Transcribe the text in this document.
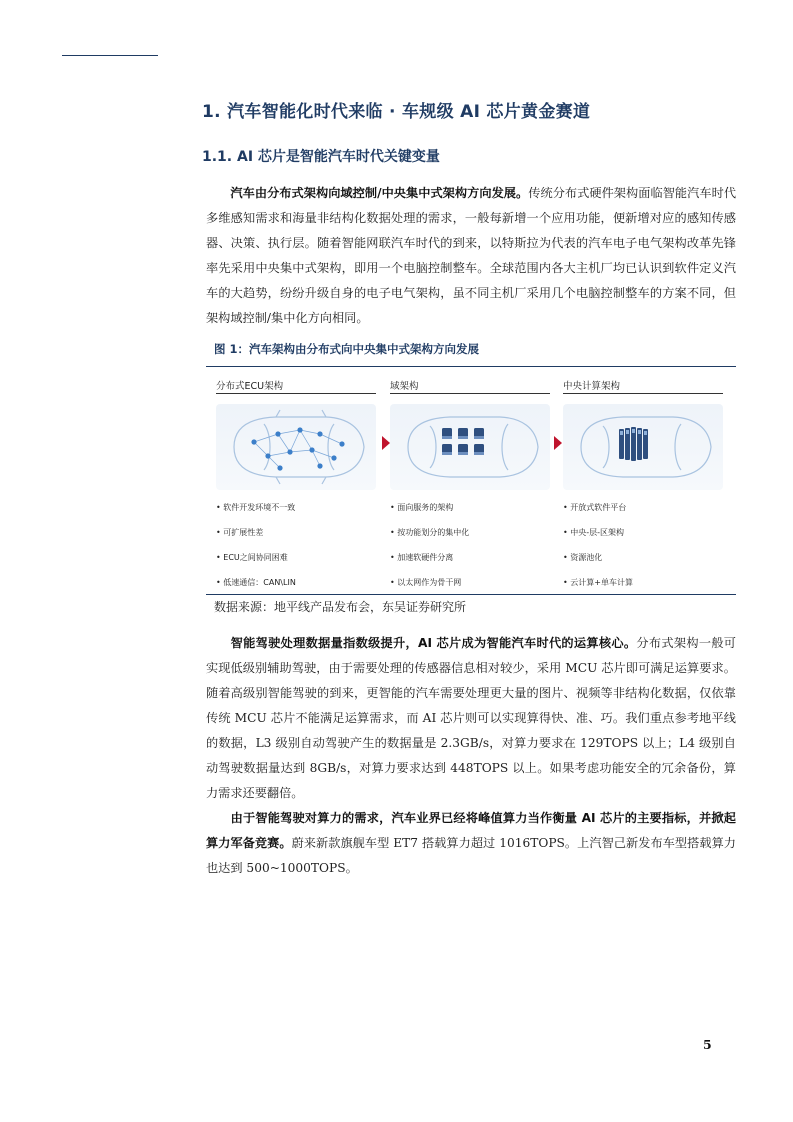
1. 汽车智能化时代来临 · 车规级 AI 芯片黄金赛道
1.1. AI 芯片是智能汽车时代关键变量
  汽车由分布式架构向域控制/中央集中式架构方向发展。传统分布式硬件架构面临智能汽车时代多维感知需求和海量非结构化数据处理的需求，一般每新增一个应用功能，便新增对应的感知传感器、决策、执行层。随着智能网联汽车时代的到来，以特斯拉为代表的汽车电子电气架构改革先锋率先采用中央集中式架构，即用一个电脑控制整车。全球范围内各大主机厂均已认识到软件定义汽车的大趋势，纷纷升级自身的电子电气架构，虽不同主机厂采用几个电脑控制整车的方案不同，但架构域控制/集中化方向相同。
图 1：汽车架构由分布式向中央集中式架构方向发展
分布式ECU架构
• 软件开发环境不一致
• 可扩展性差
• ECU之间协同困难
• 低速通信：CAN\LIN
域架构
• 面向服务的架构
• 按功能划分的集中化
• 加速软硬件分离
• 以太网作为骨干网
中央计算架构
• 开放式软件平台
• 中央-层-区架构
• 资源池化
• 云计算+单车计算
数据来源：地平线产品发布会，东吴证券研究所
  智能驾驶处理数据量指数级提升，AI 芯片成为智能汽车时代的运算核心。分布式架构一般可实现低级别辅助驾驶，由于需要处理的传感器信息相对较少，采用 MCU 芯片即可满足运算要求。随着高级别智能驾驶的到来，更智能的汽车需要处理更大量的图片、视频等非结构化数据，仅依靠传统 MCU 芯片不能满足运算需求，而 AI 芯片则可以实现算得快、准、巧。我们重点参考地平线的数据，L3 级别自动驾驶产生的数据量是 2.3GB/s，对算力要求在 129TOPS 以上；L4 级别自动驾驶数据量达到 8GB/s，对算力要求达到 448TOPS 以上。如果考虑功能安全的冗余备份，算力需求还要翻倍。
  由于智能驾驶对算力的需求，汽车业界已经将峰值算力当作衡量 AI 芯片的主要指标，并掀起算力军备竞赛。蔚来新款旗舰车型 ET7 搭载算力超过 1016TOPS。上汽智己新发布车型搭载算力也达到 500~1000TOPS。
5
